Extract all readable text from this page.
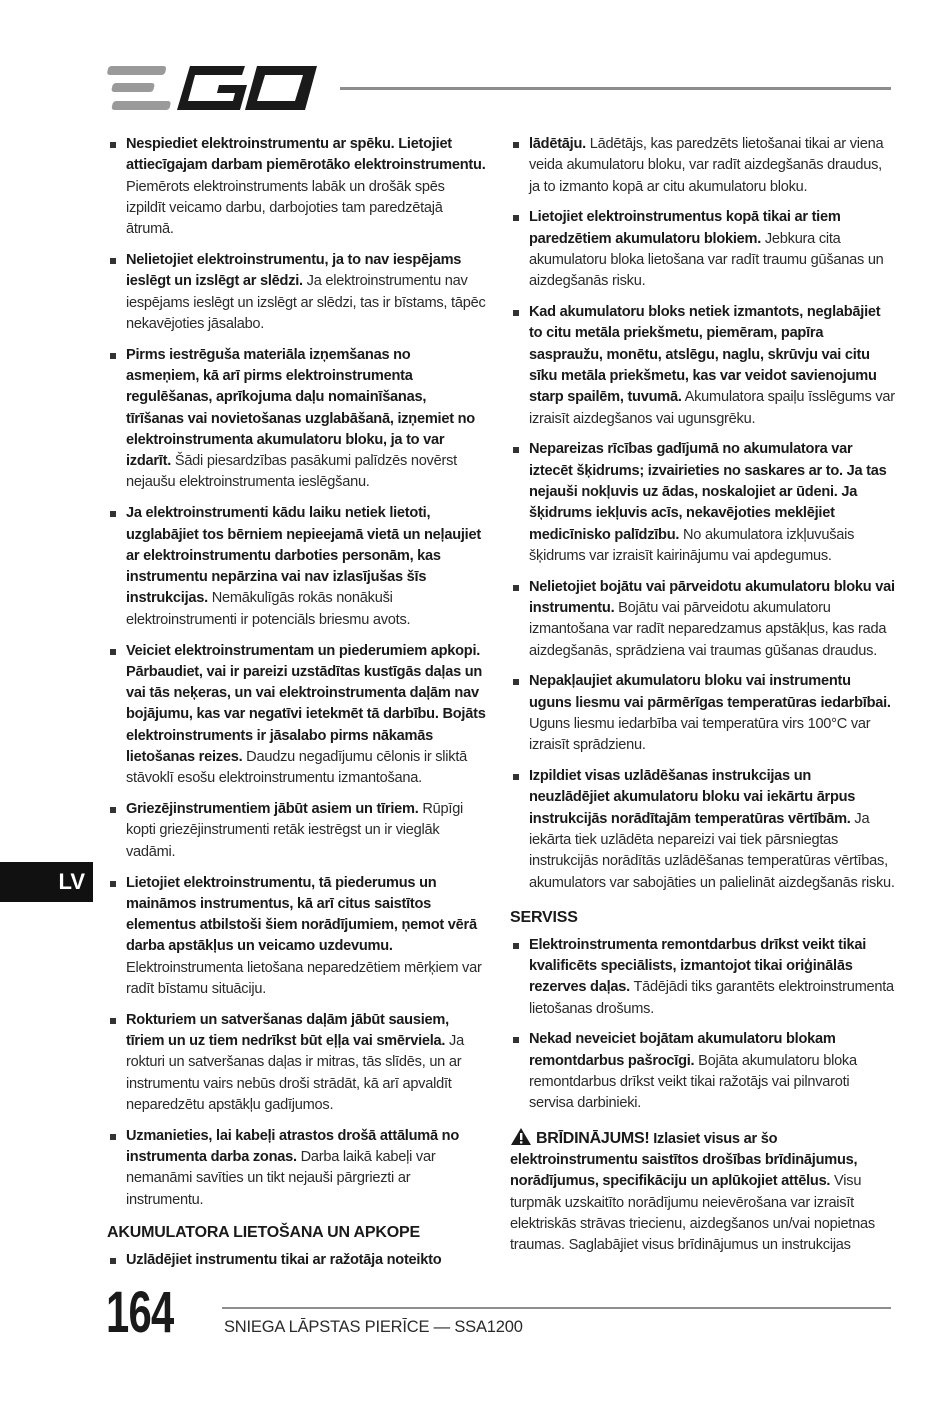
Nespiediet elektroinstrumentu ar spēku. Lietojiet attiecīgajam darbam piemērotāko elektroinstrumentu. Piemērots elektroinstruments labāk un drošāk spēs izpildīt veicamo darbu, darbojoties tam paredzētajā ātrumā.
Nelietojiet elektroinstrumentu, ja to nav iespējams ieslēgt un izslēgt ar slēdzi. Ja elektroinstrumentu nav iespējams ieslēgt un izslēgt ar slēdzi, tas ir bīstams, tāpēc nekavējoties jāsalabo.
Pirms iestrēguša materiāla izņemšanas no asmeņiem, kā arī pirms elektroinstrumenta regulēšanas, aprīkojuma daļu nomainīšanas, tīrīšanas vai novietošanas uzglabāšanā, izņemiet no elektroinstrumenta akumulatoru bloku, ja to var izdarīt. Šādi piesardzības pasākumi palīdzēs novērst nejaušu elektroinstrumenta ieslēgšanu.
Ja elektroinstrumenti kādu laiku netiek lietoti, uzglabājiet tos bērniem nepieejamā vietā un neļaujiet ar elektroinstrumentu darboties personām, kas instrumentu nepārzina vai nav izlasījušas šīs instrukcijas. Nemākulīgās rokās nonākuši elektroinstrumenti ir potenciāls briesmu avots.
Veiciet elektroinstrumentam un piederumiem apkopi. Pārbaudiet, vai ir pareizi uzstādītas kustīgās daļas un vai tās neķeras, un vai elektroinstrumenta daļām nav bojājumu, kas var negatīvi ietekmēt tā darbību. Bojāts elektroinstruments ir jāsalabo pirms nākamās lietošanas reizes. Daudzu negadījumu cēlonis ir sliktā stāvoklī esošu elektroinstrumentu izmantošana.
Griezējinstrumentiem jābūt asiem un tīriem. Rūpīgi kopti griezējinstrumenti retāk iestrēgst un ir vieglāk vadāmi.
Lietojiet elektroinstrumentu, tā piederumus un maināmos instrumentus, kā arī citus saistītos elementus atbilstoši šiem norādījumiem, ņemot vērā darba apstākļus un veicamo uzdevumu. Elektroinstrumenta lietošana neparedzētiem mērķiem var radīt bīstamu situāciju.
Rokturiem un satveršanas daļām jābūt sausiem, tīriem un uz tiem nedrīkst būt eļļa vai smērviela. Ja rokturi un satveršanas daļas ir mitras, tās slīdēs, un ar instrumentu vairs nebūs droši strādāt, kā arī apvaldīt neparedzētu apstākļu gadījumos.
Uzmanieties, lai kabeļi atrastos drošā attālumā no instrumenta darba zonas. Darba laikā kabeļi var nemanāmi savīties un tikt nejauši pārgriezti ar instrumentu.
AKUMULATORA LIETOŠANA UN APKOPE
Uzlādējiet instrumentu tikai ar ražotāja noteikto
lādētāju. Lādētājs, kas paredzēts lietošanai tikai ar viena veida akumulatoru bloku, var radīt aizdegšanās draudus, ja to izmanto kopā ar citu akumulatoru bloku.
Lietojiet elektroinstrumentus kopā tikai ar tiem paredzētiem akumulatoru blokiem. Jebkura cita akumulatoru bloka lietošana var radīt traumu gūšanas un aizdegšanās risku.
Kad akumulatoru bloks netiek izmantots, neglabājiet to citu metāla priekšmetu, piemēram, papīra saspraužu, monētu, atslēgu, naglu, skrūvju vai citu sīku metāla priekšmetu, kas var veidot savienojumu starp spailēm, tuvumā. Akumulatora spaiļu īsslēgums var izraisīt aizdegšanos vai ugunsgrēku.
Nepareizas rīcības gadījumā no akumulatora var iztecēt šķidrums; izvairieties no saskares ar to. Ja tas nejauši nokļuvis uz ādas, noskalojiet ar ūdeni. Ja šķidrums iekļuvis acīs, nekavējoties meklējiet medicīnisko palīdzību. No akumulatora izkļuvušais šķidrums var izraisīt kairinājumu vai apdegumus.
Nelietojiet bojātu vai pārveidotu akumulatoru bloku vai instrumentu. Bojātu vai pārveidotu akumulatoru izmantošana var radīt neparedzamus apstākļus, kas rada aizdegšanās, sprādziena vai traumas gūšanas draudus.
Nepakļaujiet akumulatoru bloku vai instrumentu uguns liesmu vai pārmērīgas temperatūras iedarbībai. Uguns liesmu iedarbība vai temperatūra virs 100°C var izraisīt sprādzienu.
Izpildiet visas uzlādēšanas instrukcijas un neuzlādējiet akumulatoru bloku vai iekārtu ārpus instrukcijās norādītajām temperatūras vērtībām. Ja iekārta tiek uzlādēta nepareizi vai tiek pārsniegtas instrukcijās norādītās uzlādēšanas temperatūras vērtības, akumulators var sabojāties un palielināt aizdegšanās risku.
SERVISS
Elektroinstrumenta remontdarbus drīkst veikt tikai kvalificēts speciālists, izmantojot tikai oriģinālās rezerves daļas. Tādējādi tiks garantēts elektroinstrumenta lietošanas drošums.
Nekad neveiciet bojātam akumulatoru blokam remontdarbus pašrocīgi. Bojāta akumulatoru bloka remontdarbus drīkst veikt tikai ražotājs vai pilnvaroti servisa darbinieki.
BRĪDINĀJUMS! Izlasiet visus ar šo elektroinstrumentu saistītos drošības brīdinājumus, norādījumus, specifikāciju un aplūkojiet attēlus. Visu turpmāk uzskaitīto norādījumu neievērošana var izraisīt elektriskās strāvas triecienu, aizdegšanos un/vai nopietnas traumas. Saglabājiet visus brīdinājumus un instrukcijas
LV
164	SNIEGA LĀPSTAS PIERĪCE — SSA1200
